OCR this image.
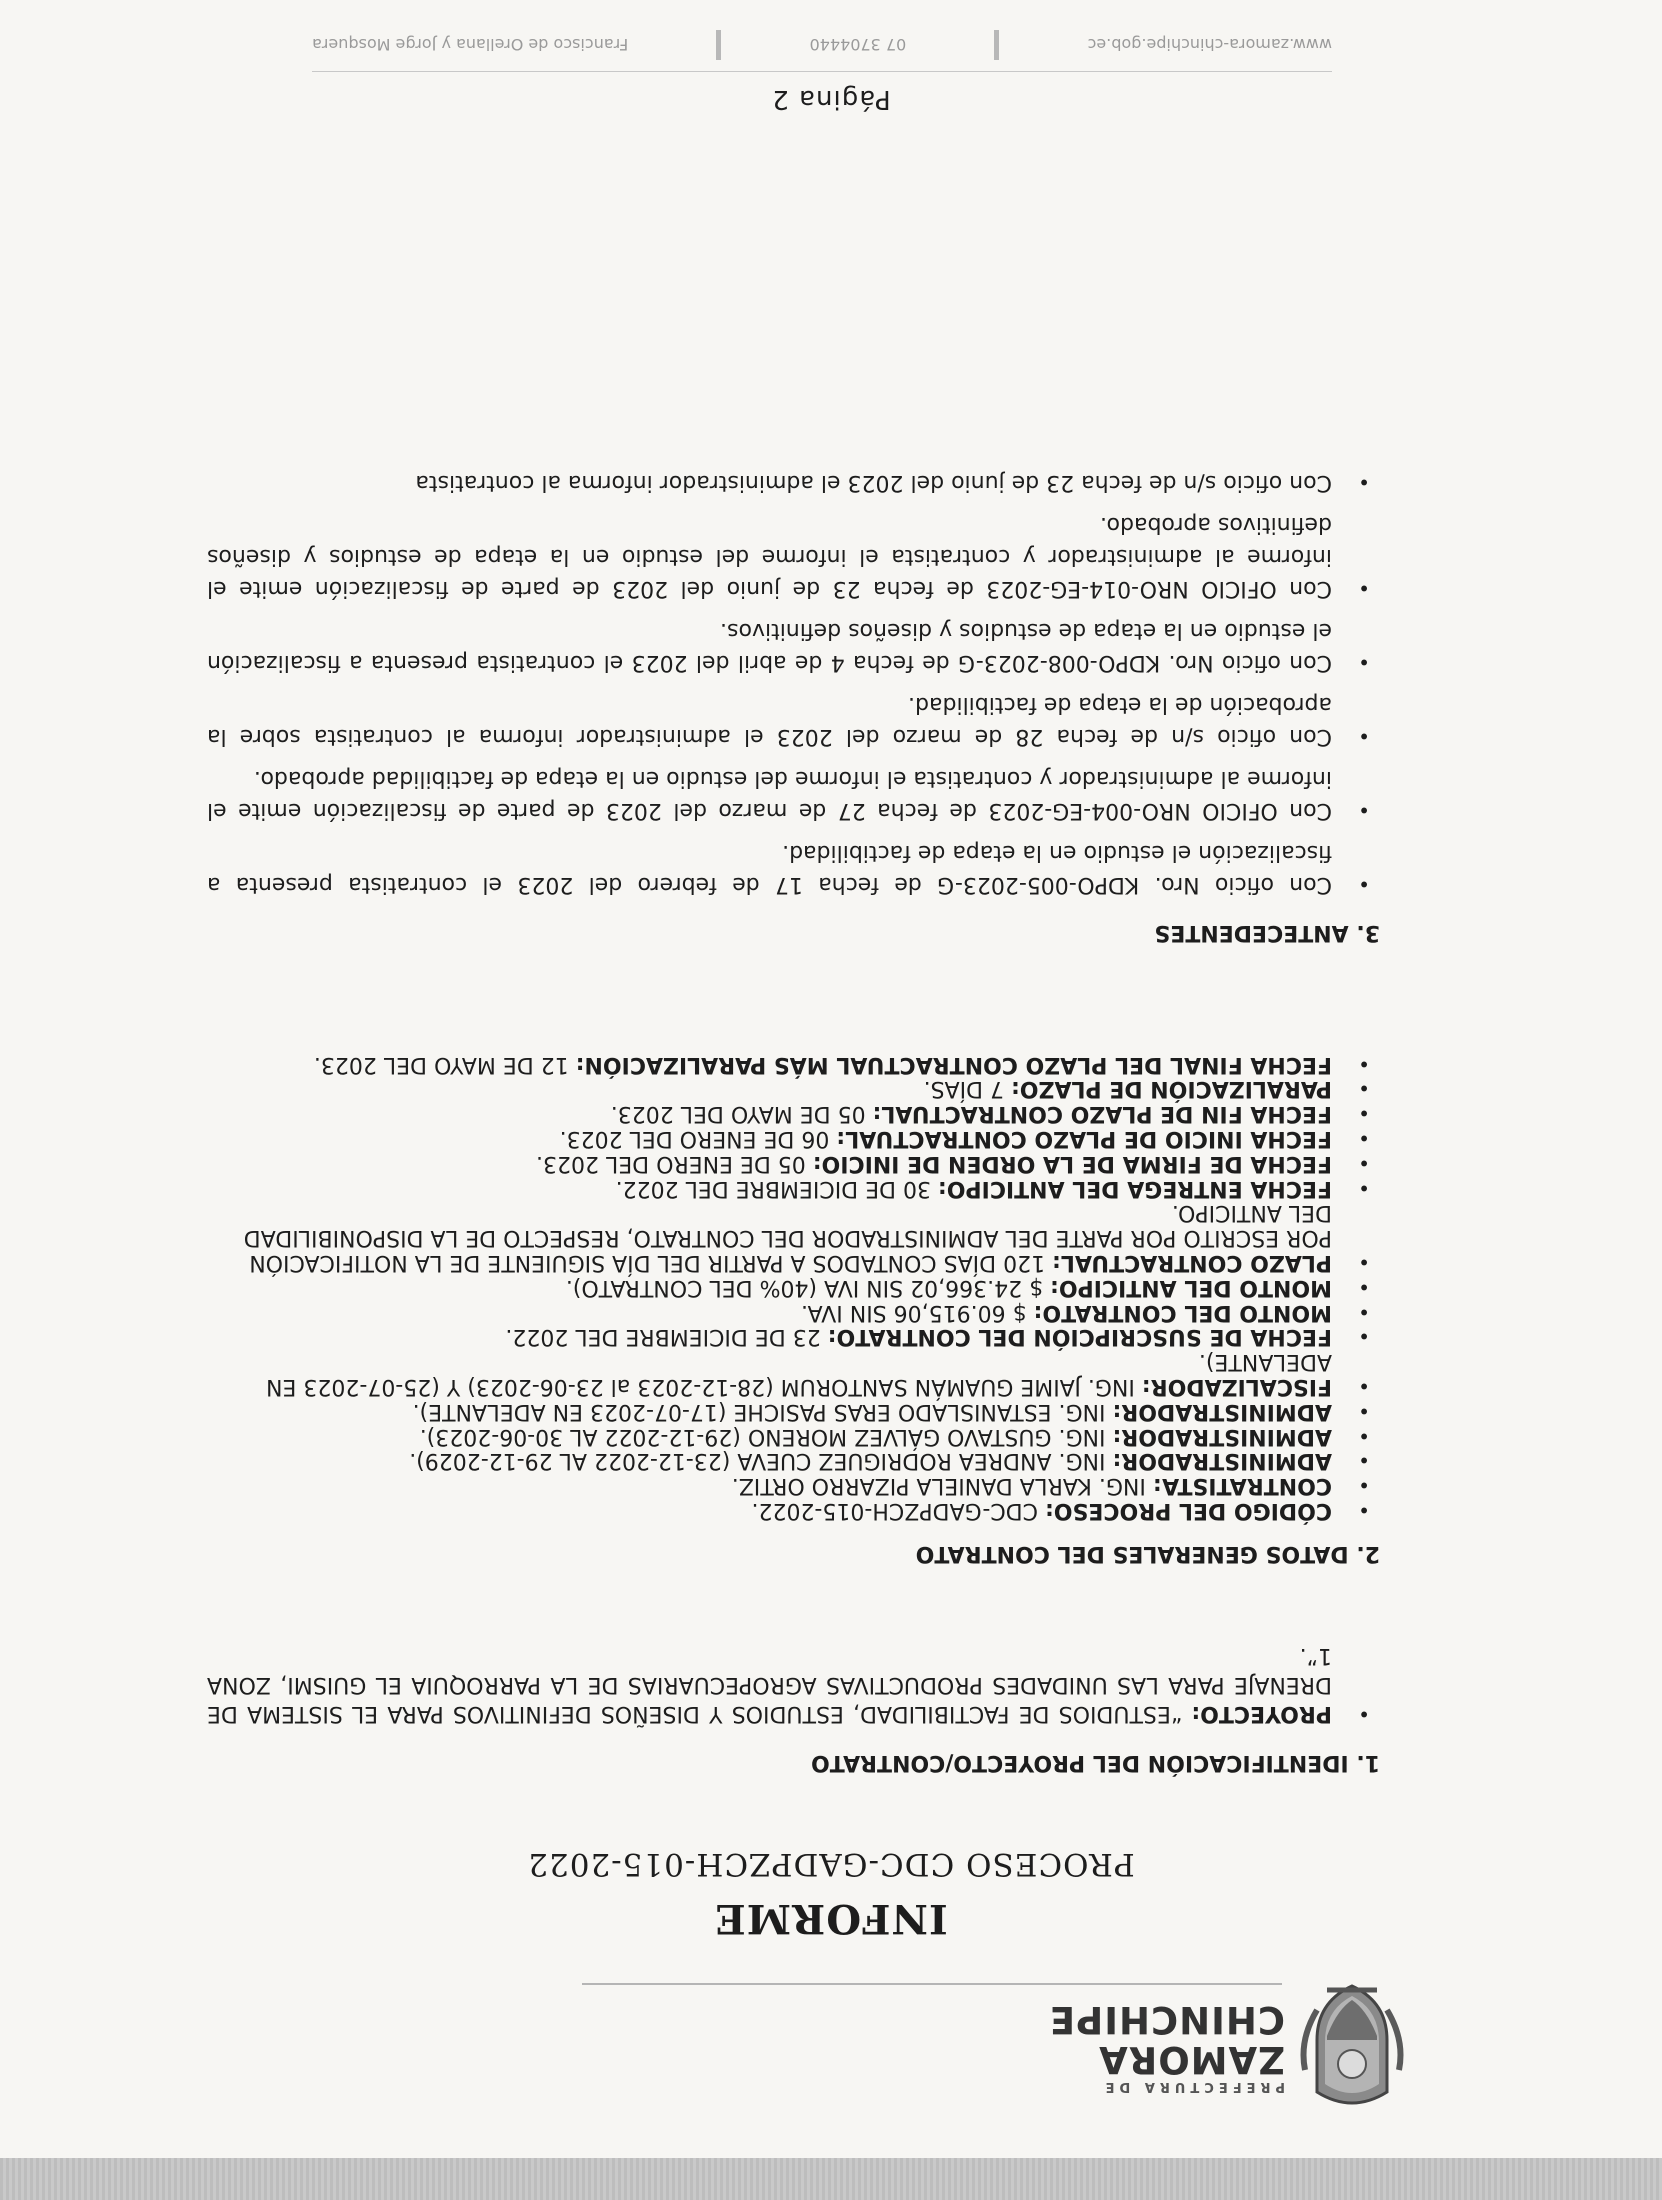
PREFECTURA DE
ZAMORA
CHINCHIPE
INFORME
PROCESO CDC-GADPZCH-015-2022
1. IDENTIFICACIÓN DEL PROYECTO/CONTRATO
•
PROYECTO: “ESTUDIOS DE FACTIBILIDAD, ESTUDIOS Y DISEÑOS DEFINITIVOS PARA EL SISTEMA DE DRENAJE PARA LAS UNIDADES PRODUCTIVAS AGROPECUARIAS DE LA PARROQUIA EL GUISMI, ZONA 1”.
2. DATOS GENERALES DEL CONTRATO
•
CÓDIGO DEL PROCESO: CDC-GADPZCH-015-2022.
•
CONTRATISTA: ING. KARLA DANIELA PIZARRO ORTIZ.
•
ADMINISTRADOR: ING. ANDREA RODRIGUEZ CUEVA (23-12-2022 AL 29-12-2029).
•
ADMINISTRADOR: ING. GUSTAVO GÁLVEZ MORENO (29-12-2022 AL 30-06-2023).
•
ADMINISTRADOR: ING. ESTANISLADO ERAS PASICHE (17-07-2023 EN ADELANTE).
•
FISCALIZADOR: ING. JAIME GUAMÁN SANTORUM (28-12-2023 al 23-06-2023) Y (25-07-2023 EN ADELANTE).
•
FECHA DE SUSCRIPCIÓN DEL CONTRATO: 23 DE DICIEMBRE DEL 2022.
•
MONTO DEL CONTRATO: $ 60.915,06 SIN IVA.
•
MONTO DEL ANTICIPO: $ 24.366,02 SIN IVA (40% DEL CONTRATO).
•
PLAZO CONTRACTUAL: 120 DÍAS CONTADOS A PARTIR DEL DÍA SIGUIENTE DE LA NOTIFICACIÓN POR ESCRITO POR PARTE DEL ADMINISTRADOR DEL CONTRATO, RESPECTO DE LA DISPONIBILIDAD DEL ANTICIPO.
•
FECHA ENTREGA DEL ANTICIPO: 30 DE DICIEMBRE DEL 2022.
•
FECHA DE FIRMA DE LA ORDEN DE INICIO: 05 DE ENERO DEL 2023.
•
FECHA INICIO DE PLAZO CONTRACTUAL: 06 DE ENERO DEL 2023.
•
FECHA FIN DE PLAZO CONTRACTUAL: 05 DE MAYO DEL 2023.
•
PARALIZACIÓN DE PLAZO: 7 DÍAS.
•
FECHA FINAL DEL PLAZO CONTRACTUAL MÁS PARALIZACIÓN: 12 DE MAYO DEL 2023.
3. ANTECEDENTES
•
Con oficio Nro. KDPO-005-2023-G de fecha 17 de febrero del 2023 el contratista presenta a fiscalización el estudio en la etapa de factibilidad.
•
Con OFICIO NRO-004-EG-2023 de fecha 27 de marzo del 2023 de parte de fiscalización emite el informe al administrador y contratista el informe del estudio en la etapa de factibilidad aprobado.
•
Con oficio s/n de fecha 28 de marzo del 2023 el administrador informa al contratista sobre la aprobación de la etapa de factibilidad.
•
Con oficio Nro. KDPO-008-2023-G de fecha 4 de abril del 2023 el contratista presenta a fiscalización el estudio en la etapa de estudios y diseños definitivos.
•
Con OFICIO NRO-014-EG-2023 de fecha 23 de junio del 2023 de parte de fiscalización emite el informe al administrador y contratista el informe del estudio en la etapa de estudios y diseños definitivos aprobado.
•
Con oficio s/n de fecha 23 de junio del 2023 el administrador informa al contratista
Página 2
www.zamora-chinchipe.gob.ec
07 3704440
Francisco de Orellana y Jorge Mosquera
